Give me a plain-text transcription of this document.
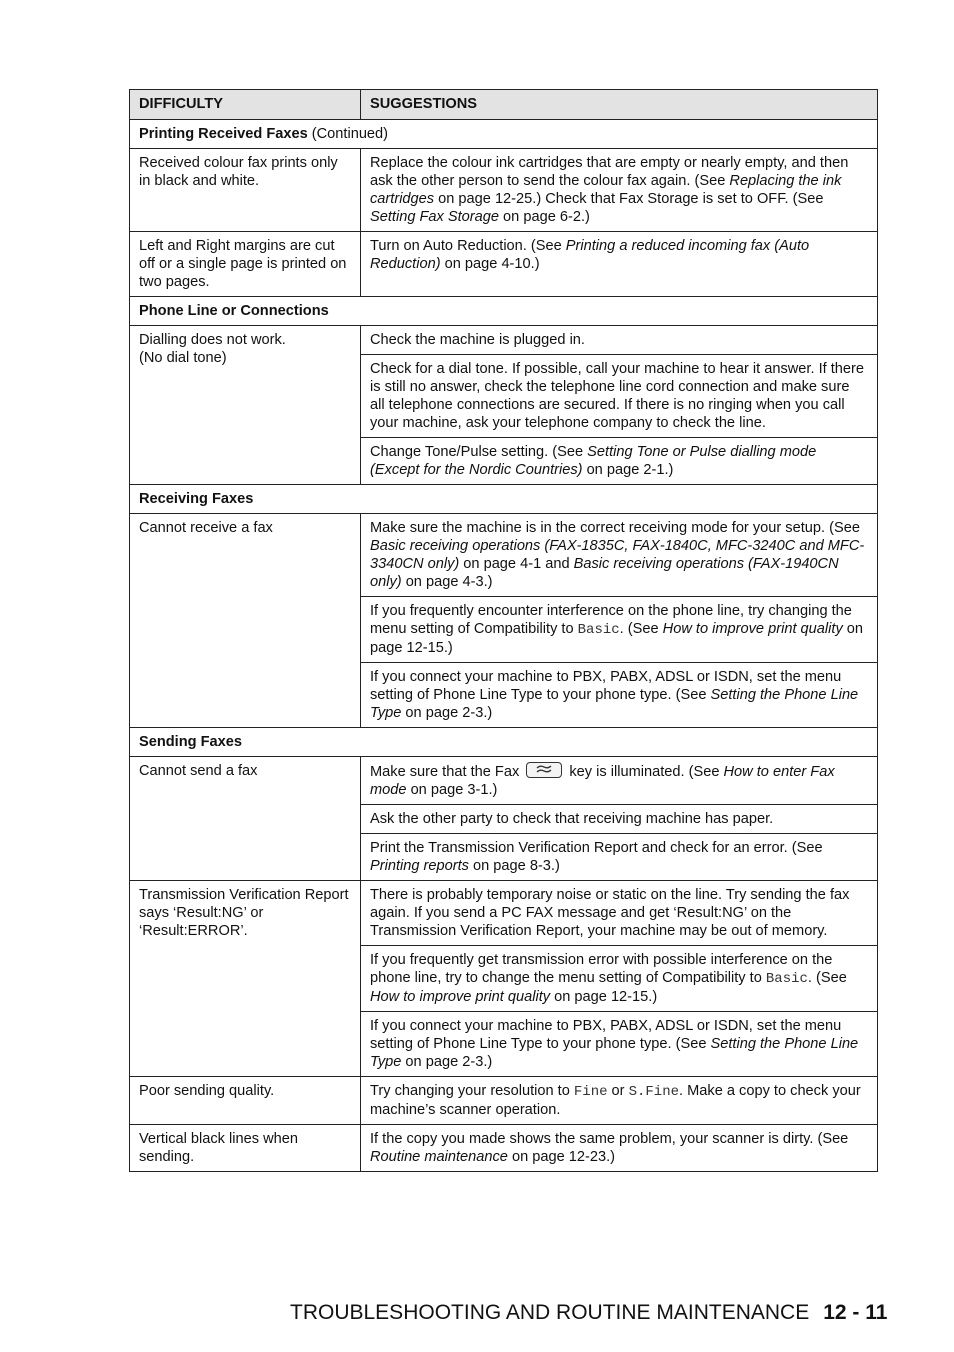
DIFFICULTY	SUGGESTIONS
Printing Received Faxes (Continued)	
Received colour fax prints only in black and white.	Replace the colour ink cartridges that are empty or nearly empty, and then ask the other person to send the colour fax again. (See Replacing the ink cartridges on page 12-25.) Check that Fax Storage is set to OFF. (See Setting Fax Storage on page 6-2.)
Left and Right margins are cut off or a single page is printed on two pages.	Turn on Auto Reduction. (See Printing a reduced incoming fax (Auto Reduction) on page 4-10.)
Phone Line or Connections	
Dialling does not work.
(No dial tone)	Check the machine is plugged in.
	Check for a dial tone. If possible, call your machine to hear it answer. If there is still no answer, check the telephone line cord connection and make sure all telephone connections are secured. If there is no ringing when you call your machine, ask your telephone company to check the line.
	Change Tone/Pulse setting. (See Setting Tone or Pulse dialling mode (Except for the Nordic Countries) on page 2-1.)
Receiving Faxes	
Cannot receive a fax	Make sure the machine is in the correct receiving mode for your setup. (See Basic receiving operations (FAX-1835C, FAX-1840C, MFC-3240C and MFC-3340CN only) on page 4-1 and Basic receiving operations (FAX-1940CN only) on page 4-3.)
	If you frequently encounter interference on the phone line, try changing the menu setting of Compatibility to Basic. (See How to improve print quality on page 12-15.)
	If you connect your machine to PBX, PABX, ADSL or ISDN, set the menu setting of Phone Line Type to your phone type. (See Setting the Phone Line Type on page 2-3.)
Sending Faxes	
Cannot send a fax	Make sure that the Fax key is illuminated. (See How to enter Fax mode on page 3-1.)
	Ask the other party to check that receiving machine has paper.
	Print the Transmission Verification Report and check for an error. (See Printing reports on page 8-3.)
Transmission Verification Report says ‘Result:NG’ or ‘Result:ERROR’.	There is probably temporary noise or static on the line. Try sending the fax again. If you send a PC FAX message and get ‘Result:NG’ on the Transmission Verification Report, your machine may be out of memory.
	If you frequently get transmission error with possible interference on the phone line, try to change the menu setting of Compatibility to Basic. (See How to improve print quality on page 12-15.)
	If you connect your machine to PBX, PABX, ADSL or ISDN, set the menu setting of Phone Line Type to your phone type. (See Setting the Phone Line Type on page 2-3.)
Poor sending quality.	Try changing your resolution to Fine or S.Fine. Make a copy to check your machine’s scanner operation.
Vertical black lines when sending.	If the copy you made shows the same problem, your scanner is dirty. (See Routine maintenance on page 12-23.)
TROUBLESHOOTING AND ROUTINE MAINTENANCE 12 - 11
